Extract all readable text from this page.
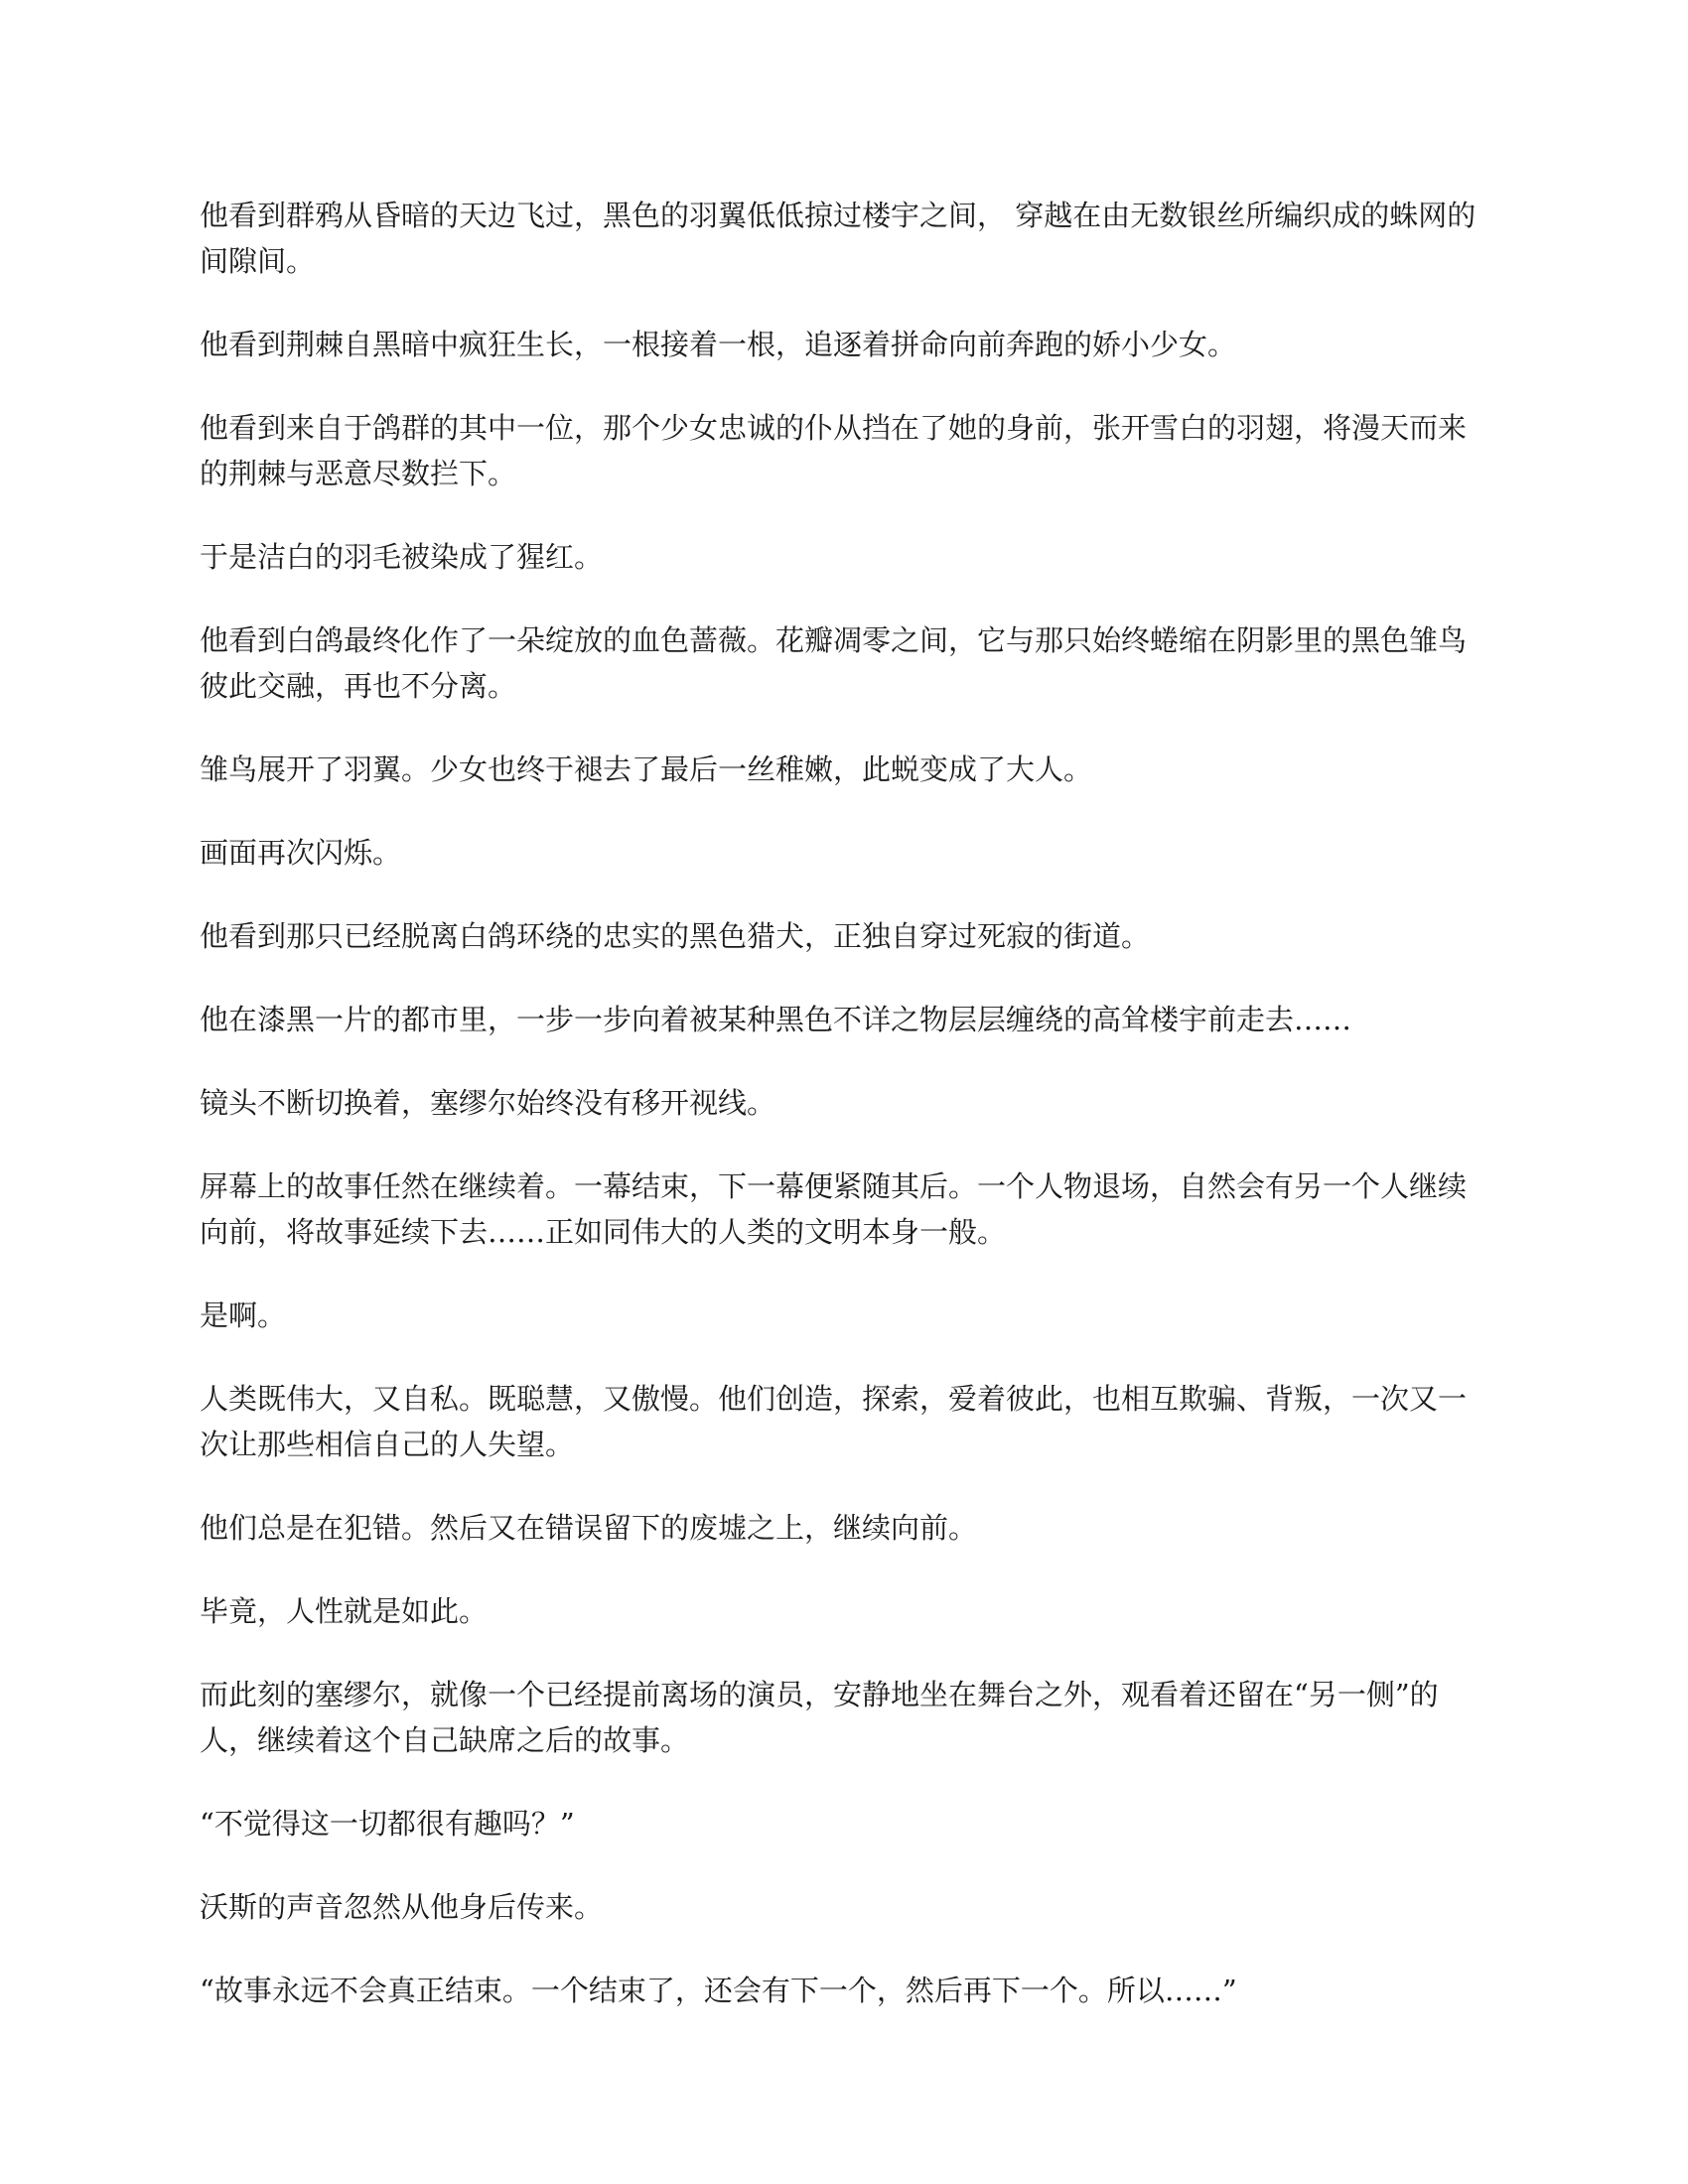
他看到群鸦从昏暗的天边飞过，黑色的羽翼低低掠过楼宇之间， 穿越在由无数银丝所编织成的蛛网的间隙间。

他看到荆棘自黑暗中疯狂生长，一根接着一根，追逐着拼命向前奔跑的娇小少女。

他看到来自于鸽群的其中一位，那个少女忠诚的仆从挡在了她的身前，张开雪白的羽翅，将漫天而来的荆棘与恶意尽数拦下。

于是洁白的羽毛被染成了猩红。

他看到白鸽最终化作了一朵绽放的血色蔷薇。花瓣凋零之间，它与那只始终蜷缩在阴影里的黑色雏鸟彼此交融，再也不分离。

雏鸟展开了羽翼。少女也终于褪去了最后一丝稚嫩，此蜕变成了大人。

画面再次闪烁。

他看到那只已经脱离白鸽环绕的忠实的黑色猎犬，正独自穿过死寂的街道。

他在漆黑一片的都市里，一步一步向着被某种黑色不详之物层层缠绕的高耸楼宇前走去……

镜头不断切换着，塞缪尔始终没有移开视线。

屏幕上的故事任然在继续着。一幕结束，下一幕便紧随其后。一个人物退场，自然会有另一个人继续向前，将故事延续下去……正如同伟大的人类的文明本身一般。

是啊。

人类既伟大，又自私。既聪慧，又傲慢。他们创造，探索，爱着彼此，也相互欺骗、背叛，一次又一次让那些相信自己的人失望。

他们总是在犯错。然后又在错误留下的废墟之上，继续向前。

毕竟，人性就是如此。

而此刻的塞缪尔，就像一个已经提前离场的演员，安静地坐在舞台之外，观看着还留在“另一侧”的人，继续着这个自己缺席之后的故事。

“不觉得这一切都很有趣吗？”

沃斯的声音忽然从他身后传来。

“故事永远不会真正结束。一个结束了，还会有下一个，然后再下一个。所以……”
